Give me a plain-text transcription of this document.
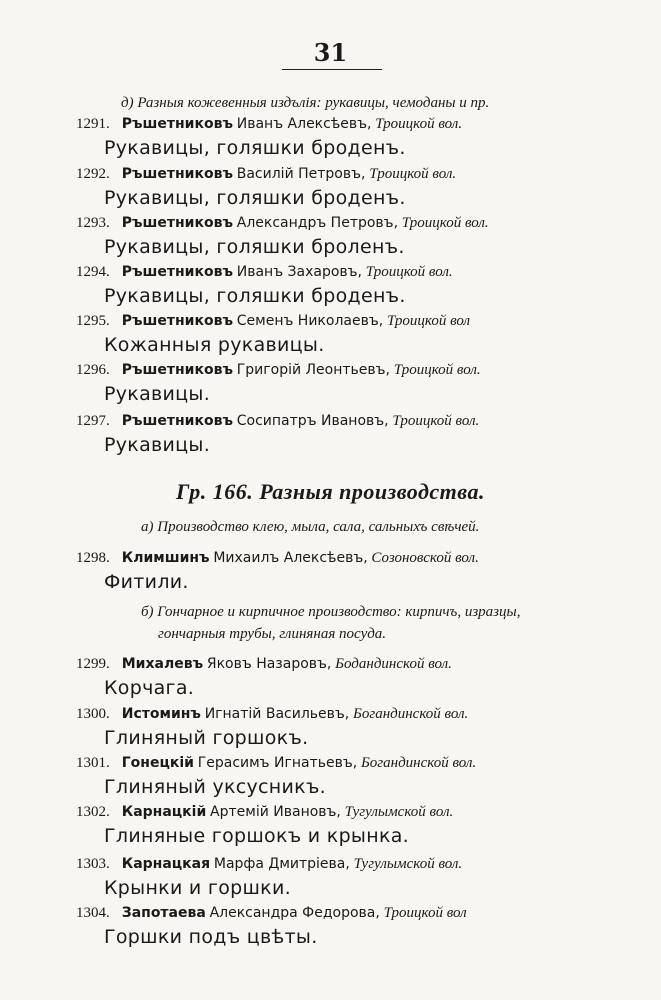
31
д) Разныя кожевенныя издълія: рукавицы, чемоданы и пр.
1291. Ръшетниковъ Иванъ Алексѣевъ, Троицкой вол.
Рукавицы, голяшки броденъ.
1292. Ръшетниковъ Василій Петровъ, Троицкой вол.
Рукавицы, голяшки броденъ.
1293. Ръшетниковъ Александръ Петровъ, Троицкой вол.
Рукавицы, голяшки броленъ.
1294. Ръшетниковъ Иванъ Захаровъ, Троицкой вол.
Рукавицы, голяшки броденъ.
1295. Ръшетниковъ Семенъ Николаевъ, Троицкой вол
Кожанныя рукавицы.
1296. Ръшетниковъ Григорій Леонтьевъ, Троицкой вол.
Рукавицы.
1297. Ръшетниковъ Сосипатръ Ивановъ, Троицкой вол.
Рукавицы.
Гр. 166. Разныя производства.
а) Производство клею, мыла, сала, сальныхъ свѣчей.
1298. Климшинъ Михаилъ Алексѣевъ, Созоновской вол.
Фитили.
б) Гончарное и кирпичное производство: кирпичъ, изразцы,
гончарныя трубы, глиняная посуда.
1299. Михалевъ Яковъ Назаровъ, Бодандинской вол.
Корчага.
1300. Истоминъ Игнатій Васильевъ, Богандинской вол.
Глиняный горшокъ.
1301. Гонецкій Герасимъ Игнатьевъ, Богандинской вол.
Глиняный уксусникъ.
1302. Карнацкій Артемій Ивановъ, Тугулымской вол.
Глиняные горшокъ и крынка.
1303. Карнацкая Марфа Дмитріева, Тугулымской вол.
Крынки и горшки.
1304. Запотаева Александра Федорова, Троицкой вол
Горшки подъ цвѣты.
